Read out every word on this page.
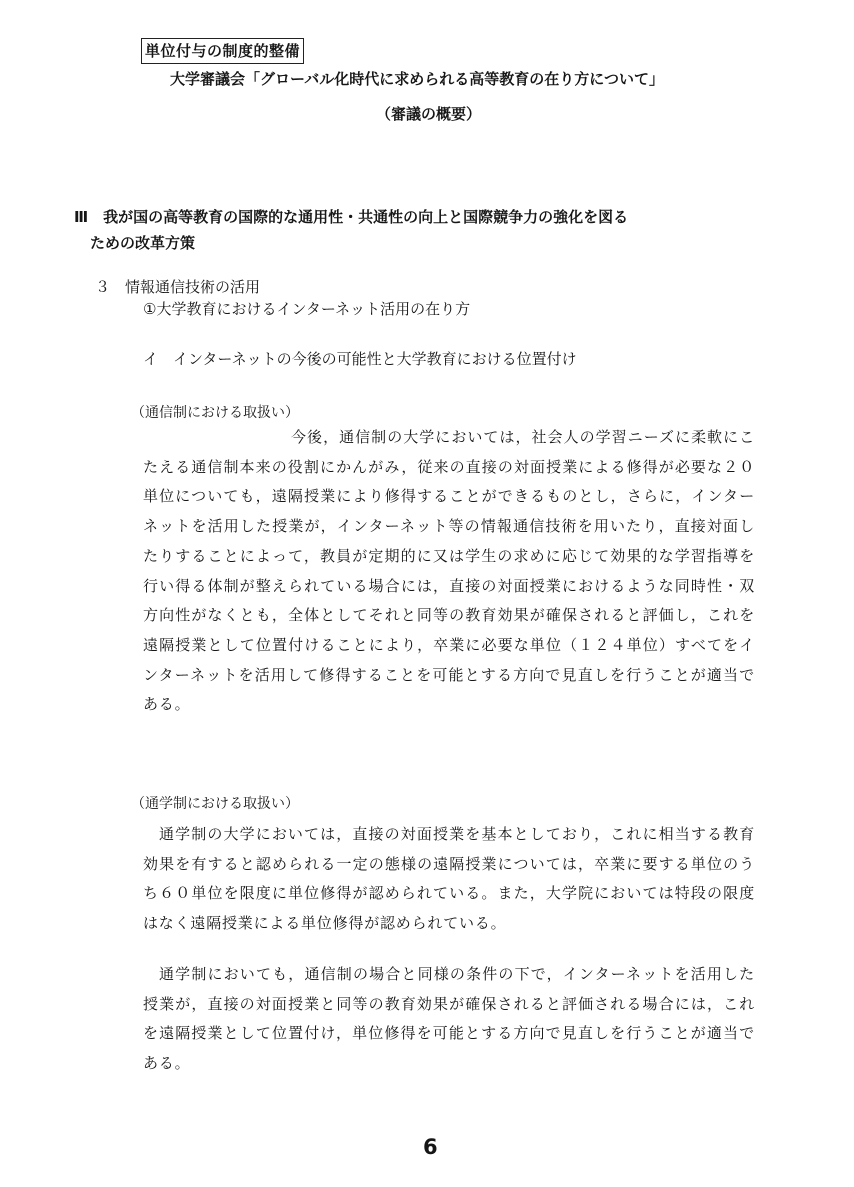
単位付与の制度的整備
大学審議会「グローバル化時代に求められる高等教育の在り方について」
（審議の概要）
Ⅲ　我が国の高等教育の国際的な通用性・共通性の向上と国際競争力の強化を図る
ための改革方策
３ 情報通信技術の活用
①大学教育におけるインターネット活用の在り方
イ　インターネットの今後の可能性と大学教育における位置付け
（通信制における取扱い）
今後，通信制の大学においては，社会人の学習ニーズに柔軟にこたえる通信制本来の役割にかんがみ，従来の直接の対面授業による修得が必要な２０単位についても，遠隔授業により修得することができるものとし，さらに，インターネットを活用した授業が，インターネット等の情報通信技術を用いたり，直接対面したりすることによって，教員が定期的に又は学生の求めに応じて効果的な学習指導を行い得る体制が整えられている場合には，直接の対面授業におけるような同時性・双方向性がなくとも，全体としてそれと同等の教育効果が確保されると評価し，これを遠隔授業として位置付けることにより，卒業に必要な単位（１２４単位）すべてをインターネットを活用して修得することを可能とする方向で見直しを行うことが適当である。
（通学制における取扱い）
通学制の大学においては，直接の対面授業を基本としており，これに相当する教育効果を有すると認められる一定の態様の遠隔授業については，卒業に要する単位のうち６０単位を限度に単位修得が認められている。また，大学院においては特段の限度はなく遠隔授業による単位修得が認められている。
通学制においても，通信制の場合と同様の条件の下で，インターネットを活用した授業が，直接の対面授業と同等の教育効果が確保されると評価される場合には，これを遠隔授業として位置付け，単位修得を可能とする方向で見直しを行うことが適当である。
6
